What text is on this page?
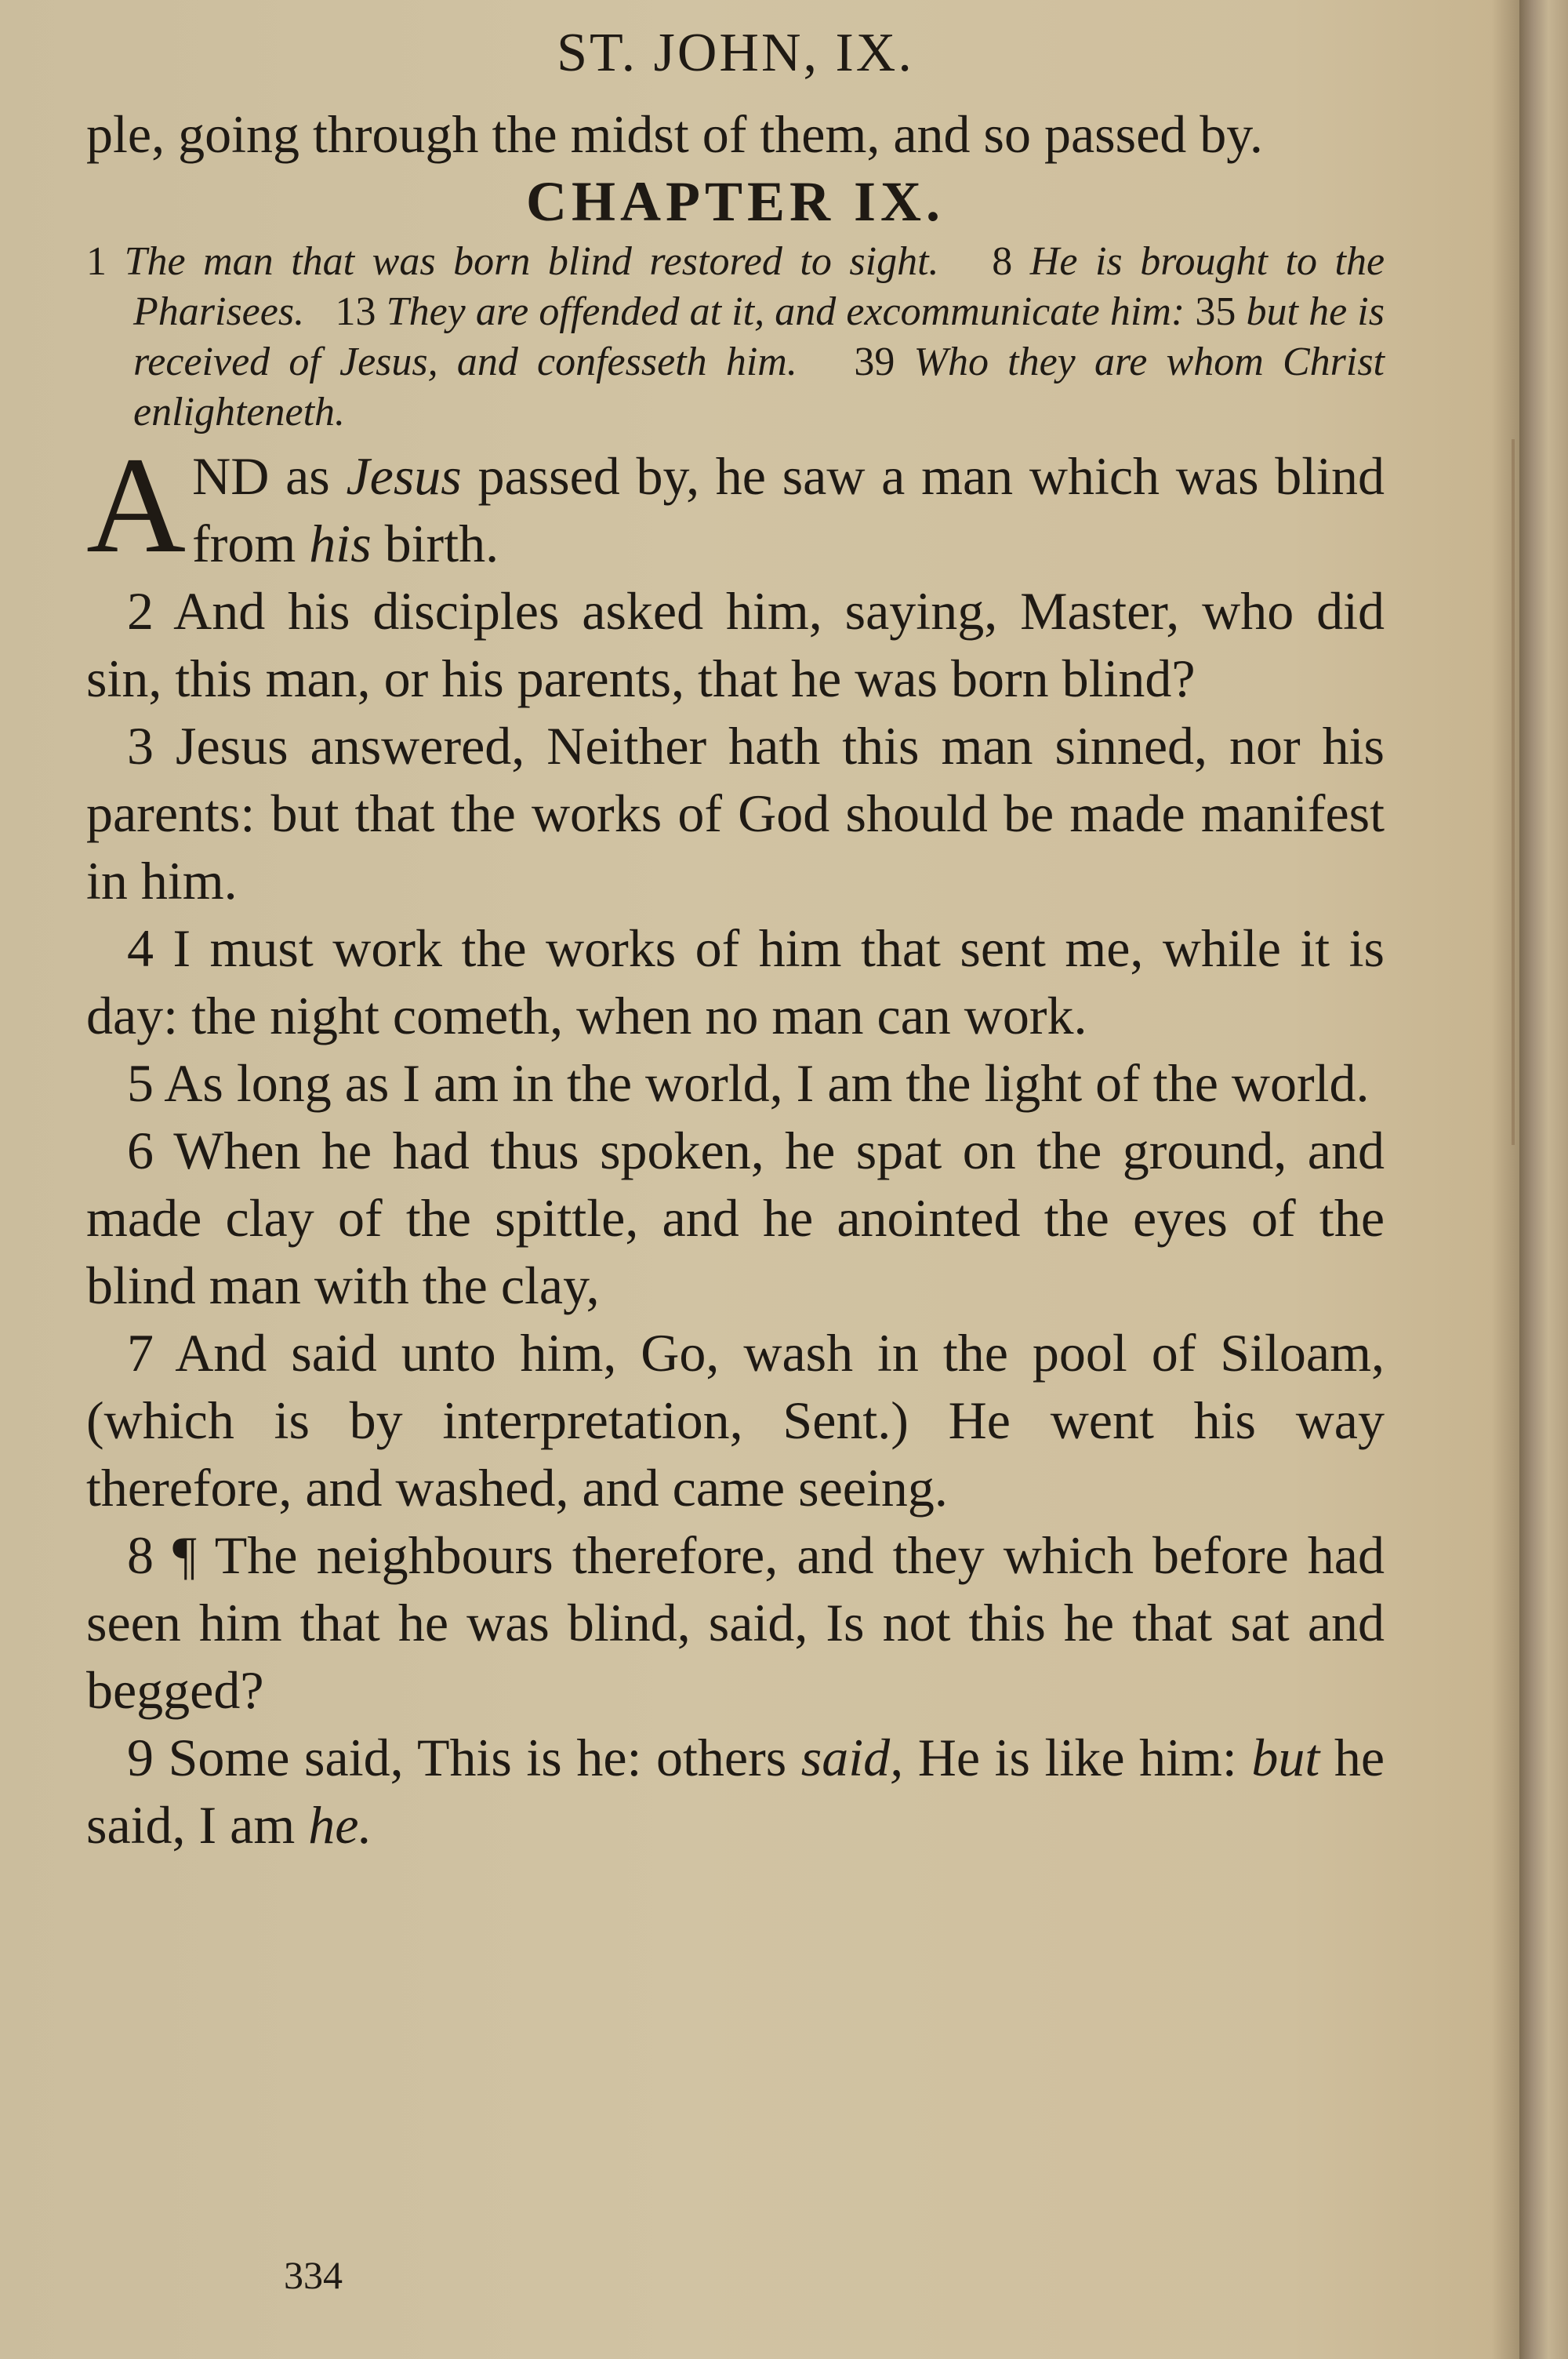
ST. JOHN, IX.

ple, going through the midst of them, and so passed by.

CHAPTER IX.

1 The man that was born blind restored to sight. 8 He is brought to the Pharisees. 13 They are offended at it, and excommunicate him: 35 but he is received of Jesus, and confesseth him. 39 Who they are whom Christ enlighteneth.

AND as Jesus passed by, he saw a man which was blind from his birth.

2 And his disciples asked him, saying, Master, who did sin, this man, or his parents, that he was born blind?

3 Jesus answered, Neither hath this man sinned, nor his parents: but that the works of God should be made manifest in him.

4 I must work the works of him that sent me, while it is day: the night cometh, when no man can work.

5 As long as I am in the world, I am the light of the world.

6 When he had thus spoken, he spat on the ground, and made clay of the spittle, and he anointed the eyes of the blind man with the clay,

7 And said unto him, Go, wash in the pool of Siloam, (which is by interpretation, Sent.) He went his way therefore, and washed, and came seeing.

8 ¶ The neighbours therefore, and they which before had seen him that he was blind, said, Is not this he that sat and begged?

9 Some said, This is he: others said, He is like him: but he said, I am he.

334
